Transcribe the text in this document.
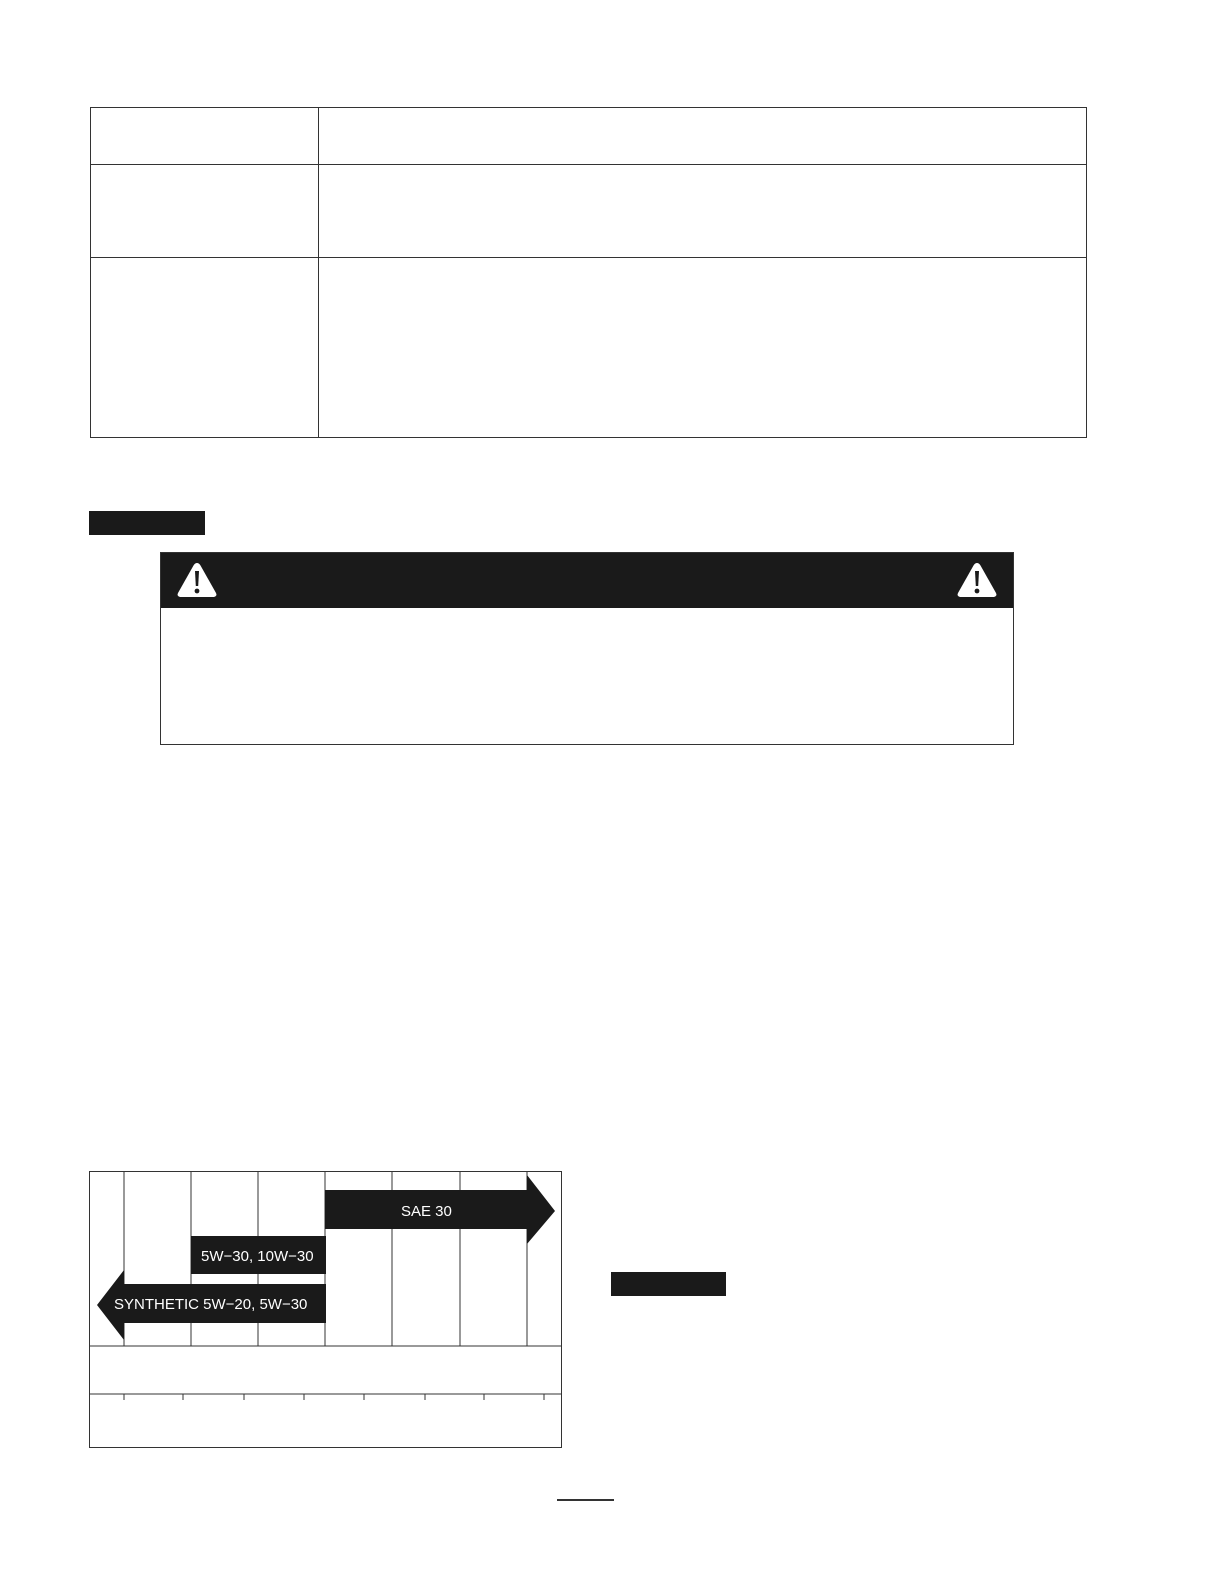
SAE 30
5W−30, 10W−30
SYNTHETIC 5W−20, 5W−30
